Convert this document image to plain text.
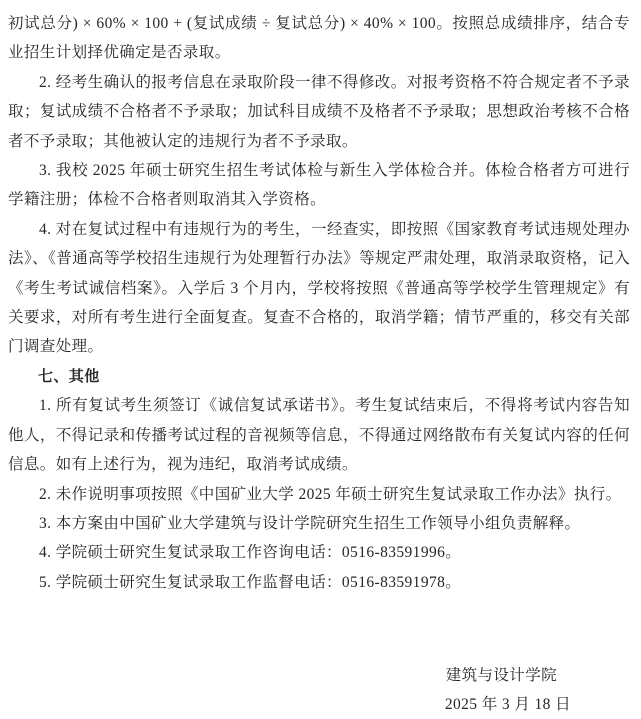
初试总分) × 60% × 100 + (复试成绩 ÷ 复试总分) × 40% × 100。按照总成绩排序，结合专业招生计划择优确定是否录取。

2. 经考生确认的报考信息在录取阶段一律不得修改。对报考资格不符合规定者不予录取；复试成绩不合格者不予录取；加试科目成绩不及格者不予录取；思想政治考核不合格者不予录取；其他被认定的违规行为者不予录取。

3. 我校 2025 年硕士研究生招生考试体检与新生入学体检合并。体检合格者方可进行学籍注册；体检不合格者则取消其入学资格。

4. 对在复试过程中有违规行为的考生，一经查实，即按照《国家教育考试违规处理办法》、《普通高等学校招生违规行为处理暂行办法》等规定严肃处理，取消录取资格，记入《考生考试诚信档案》。入学后 3 个月内，学校将按照《普通高等学校学生管理规定》有关要求，对所有考生进行全面复查。复查不合格的，取消学籍；情节严重的，移交有关部门调查处理。

七、其他

1. 所有复试考生须签订《诚信复试承诺书》。考生复试结束后，不得将考试内容告知他人，不得记录和传播考试过程的音视频等信息，不得通过网络散布有关复试内容的任何信息。如有上述行为，视为违纪，取消考试成绩。

2. 未作说明事项按照《中国矿业大学 2025 年硕士研究生复试录取工作办法》执行。

3. 本方案由中国矿业大学建筑与设计学院研究生招生工作领导小组负责解释。

4. 学院硕士研究生复试录取工作咨询电话：0516-83591996。

5. 学院硕士研究生复试录取工作监督电话：0516-83591978。

建筑与设计学院

2025 年 3 月 18 日
